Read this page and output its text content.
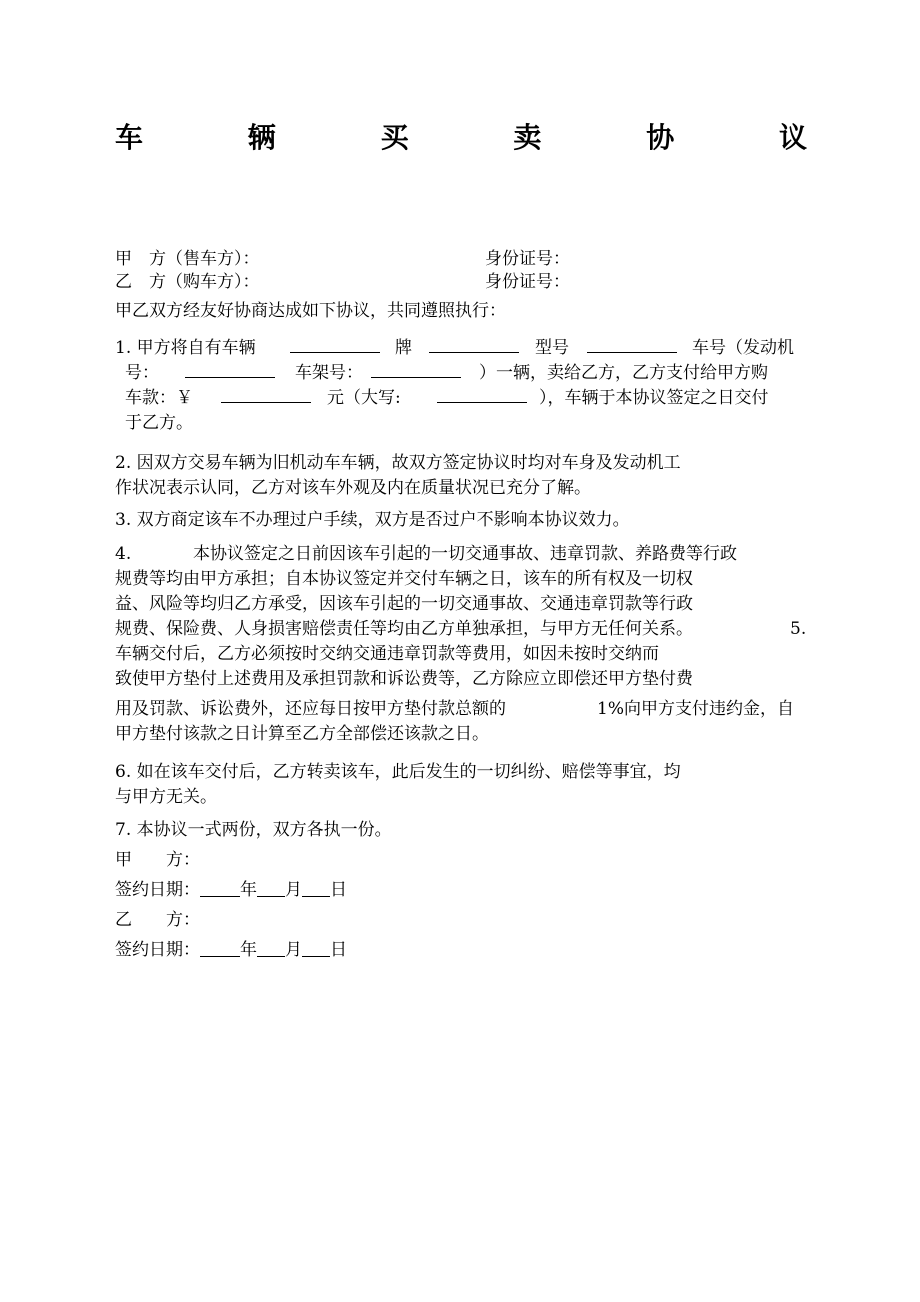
车	辆	买	卖	协	议
甲　方（售车方）：	身份证号：
乙　方（购车方）：	身份证号：
甲乙双方经友好协商达成如下协议，共同遵照执行：
1. 甲方将自有车辆	牌	型号	车号（发动机
号：	车架号：	）一辆，卖给乙方，乙方支付给甲方购
车款：￥	元（大写:	），车辆于本协议签定之日交付
于乙方。
2. 因双方交易车辆为旧机动车车辆，故双方签定协议时均对车身及发动机工
作状况表示认同，乙方对该车外观及内在质量状况已充分了解。
3. 双方商定该车不办理过户手续，双方是否过户不影响本协议效力。
4.	本协议签定之日前因该车引起的一切交通事故、违章罚款、养路费等行政
规费等均由甲方承担；自本协议签定并交付车辆之日，该车的所有权及一切权
益、风险等均归乙方承受，因该车引起的一切交通事故、交通违章罚款等行政
规费、保险费、人身损害赔偿责任等均由乙方单独承担，与甲方无任何关系。	5.
车辆交付后，乙方必须按时交纳交通违章罚款等费用，如因未按时交纳而
致使甲方垫付上述费用及承担罚款和诉讼费等，乙方除应立即偿还甲方垫付费
用及罚款、诉讼费外，还应每日按甲方垫付款总额的	1%向甲方支付违约金，自
甲方垫付该款之日计算至乙方全部偿还该款之日。
6. 如在该车交付后，乙方转卖该车，此后发生的一切纠纷、赔偿等事宜，均
与甲方无关。
7. 本协议一式两份，双方各执一份。
甲　　方：
签约日期： 年 月 日
乙　　方：
签约日期： 年 月 日
